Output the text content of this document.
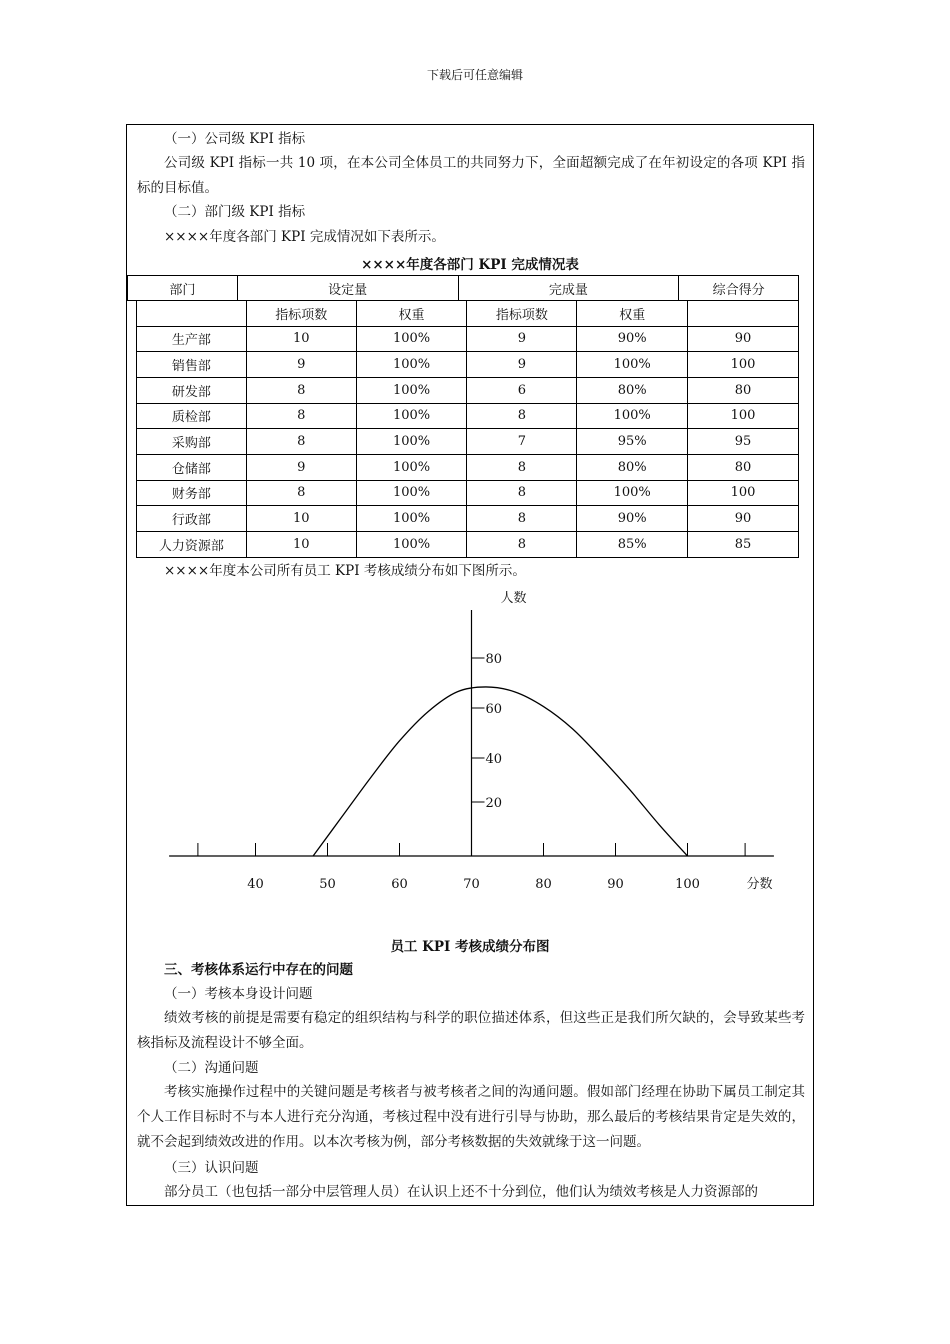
下载后可任意编辑
（一）公司级 KPI 指标
公司级 KPI 指标一共 10 项，在本公司全体员工的共同努力下，全面超额完成了在年初设定的各项 KPI 指标的目标值。
（二）部门级 KPI 指标
××××年度各部门 KPI 完成情况如下表所示。
××××年度各部门 KPI 完成情况表
部门	设定量	完成量	综合得分
	指标项数	权重	指标项数	权重	
生产部	10	100%	9	90%	90
销售部	9	100%	9	100%	100
研发部	8	100%	6	80%	80
质检部	8	100%	8	100%	100
采购部	8	100%	7	95%	95
仓储部	9	100%	8	80%	80
财务部	8	100%	8	100%	100
行政部	10	100%	8	90%	90
人力资源部	10	100%	8	85%	85
××××年度本公司所有员工 KPI 考核成绩分布如下图所示。
40	50	60	70	80	90	100	分数
20
40
60
80
人数
员工 KPI 考核成绩分布图
三、考核体系运行中存在的问题
（一）考核本身设计问题
绩效考核的前提是需要有稳定的组织结构与科学的职位描述体系，但这些正是我们所欠缺的，会导致某些考核指标及流程设计不够全面。
（二）沟通问题
考核实施操作过程中的关键问题是考核者与被考核者之间的沟通问题。假如部门经理在协助下属员工制定其个人工作目标时不与本人进行充分沟通，考核过程中没有进行引导与协助，那么最后的考核结果肯定是失效的，就不会起到绩效改进的作用。以本次考核为例，部分考核数据的失效就缘于这一问题。
（三）认识问题
部分员工（也包括一部分中层管理人员）在认识上还不十分到位，他们认为绩效考核是人力资源部的
